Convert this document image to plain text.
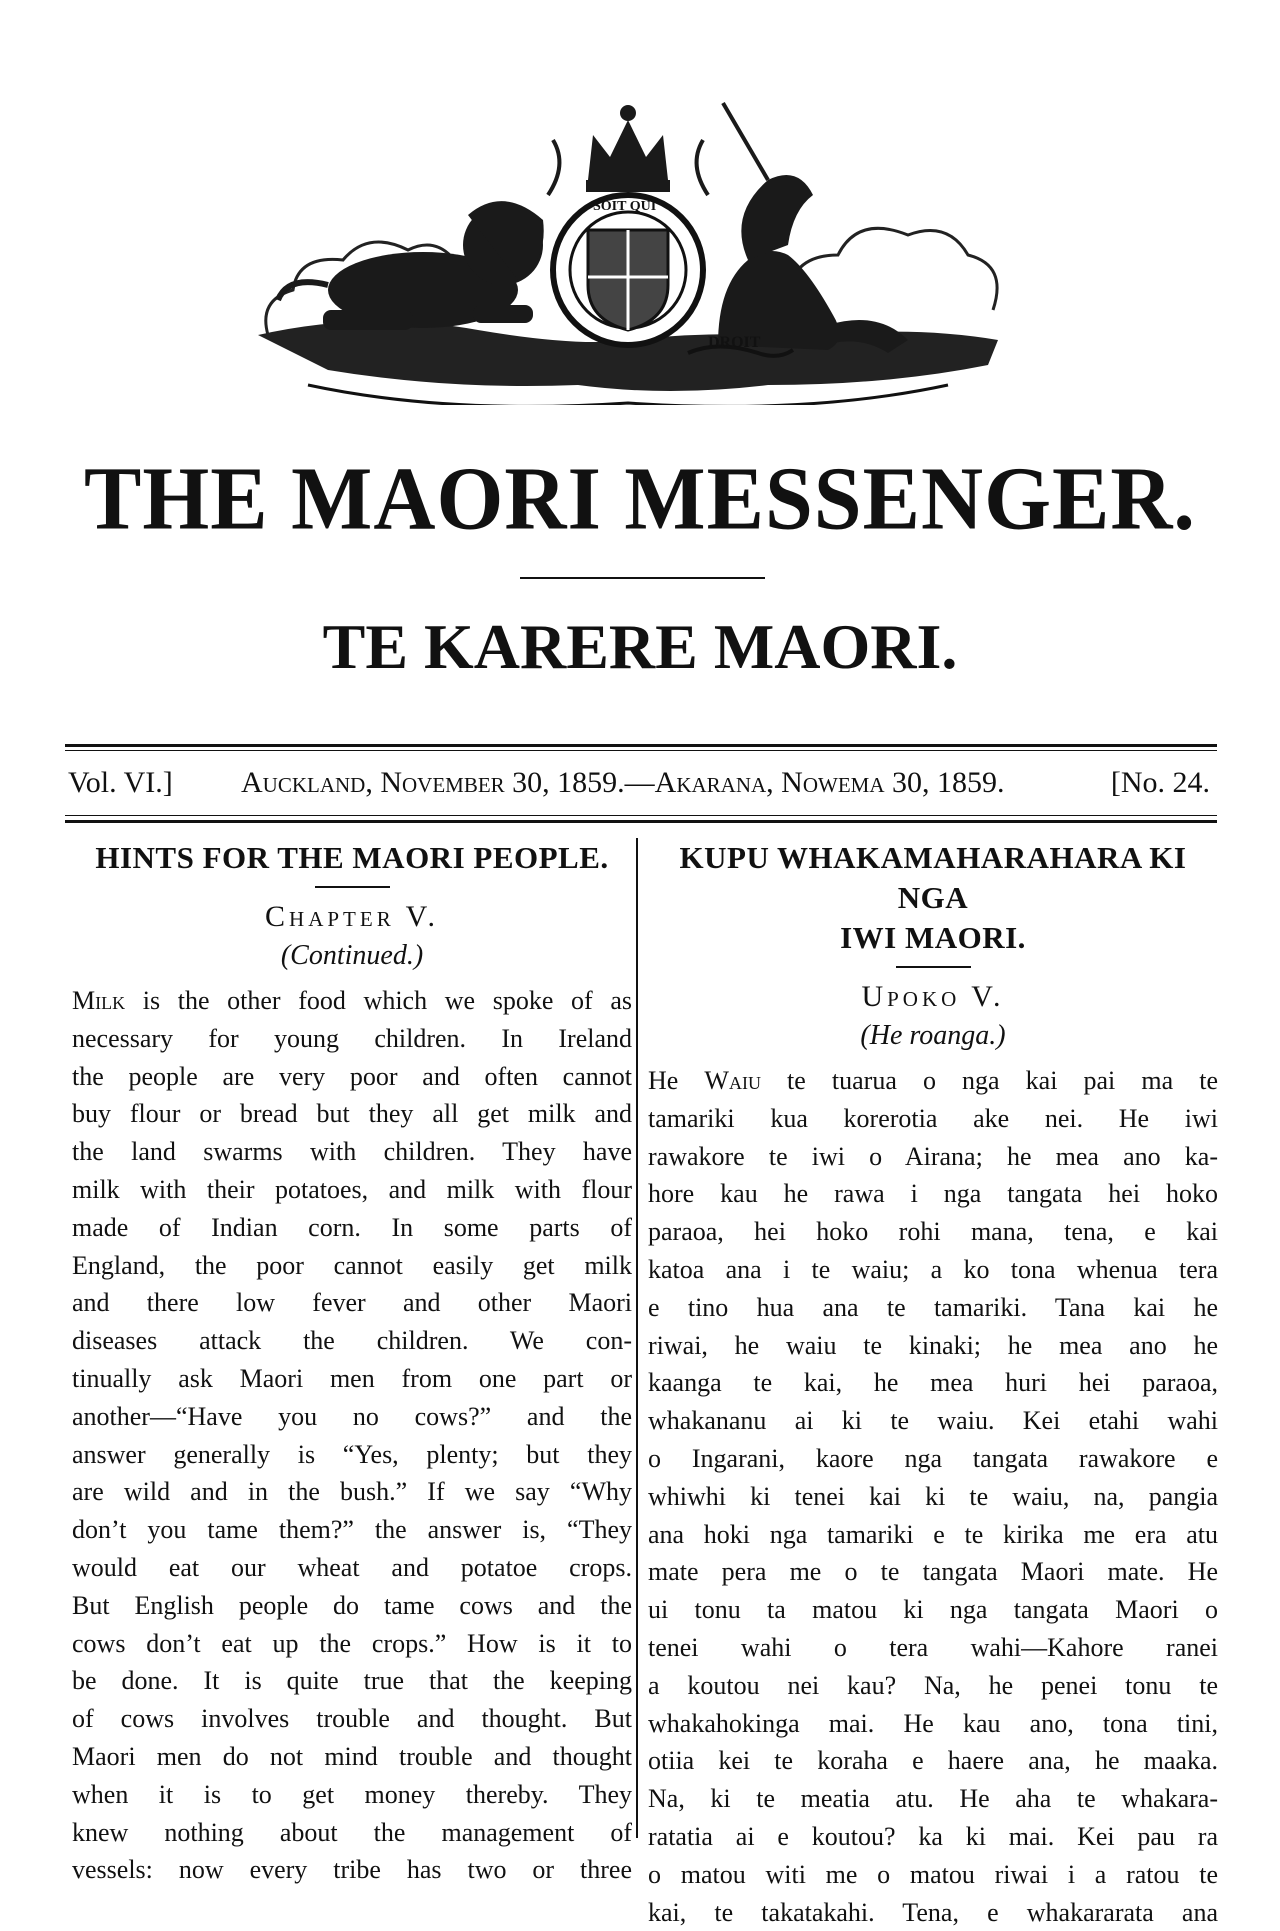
SOIT QUI
DROIT
THE MAORI MESSENGER.
TE KARERE MAORI.
Vol. VI.] Auckland, November 30, 1859.—Akarana, Nowema 30, 1859.	[No. 24.
HINTS FOR THE MAORI PEOPLE.
Chapter V.
(Continued.)
Milk is the other food which we spoke of as
necessary for young children. In Ireland
the people are very poor and often cannot
buy flour or bread but they all get milk and
the land swarms with children. They have
milk with their potatoes, and milk with flour
made of Indian corn. In some parts of
England, the poor cannot easily get milk
and there low fever and other Maori
diseases attack the children. We con-
tinually ask Maori men from one part or
another—“Have you no cows?” and the
answer generally is “Yes, plenty; but they
are wild and in the bush.” If we say “Why
don’t you tame them?” the answer is, “They
would eat our wheat and potatoe crops.
But English people do tame cows and the
cows don’t eat up the crops.” How is it to
be done. It is quite true that the keeping
of cows involves trouble and thought. But
Maori men do not mind trouble and thought
when it is to get money thereby. They
knew nothing about the management of
vessels: now every tribe has two or three
KUPU WHAKAMAHARAHARA KI NGA
IWI MAORI.
Upoko V.
(He roanga.)
He Waiu te tuarua o nga kai pai ma te
tamariki kua korerotia ake nei. He iwi
rawakore te iwi o Airana; he mea ano ka-
hore kau he rawa i nga tangata hei hoko
paraoa, hei hoko rohi mana, tena, e kai
katoa ana i te waiu; a ko tona whenua tera
e tino hua ana te tamariki. Tana kai he
riwai, he waiu te kinaki; he mea ano he
kaanga te kai, he mea huri hei paraoa,
whakananu ai ki te waiu. Kei etahi wahi
o Ingarani, kaore nga tangata rawakore e
whiwhi ki tenei kai ki te waiu, na, pangia
ana hoki nga tamariki e te kirika me era atu
mate pera me o te tangata Maori mate. He
ui tonu ta matou ki nga tangata Maori o
tenei wahi o tera wahi—Kahore ranei
a koutou nei kau? Na, he penei tonu te
whakahokinga mai. He kau ano, tona tini,
otiia kei te koraha e haere ana, he maaka.
Na, ki te meatia atu. He aha te whakara-
ratatia ai e koutou? ka ki mai. Kei pau ra
o matou witi me o matou riwai i a ratou te
kai, te takatakahi. Tena, e whakararata ana
